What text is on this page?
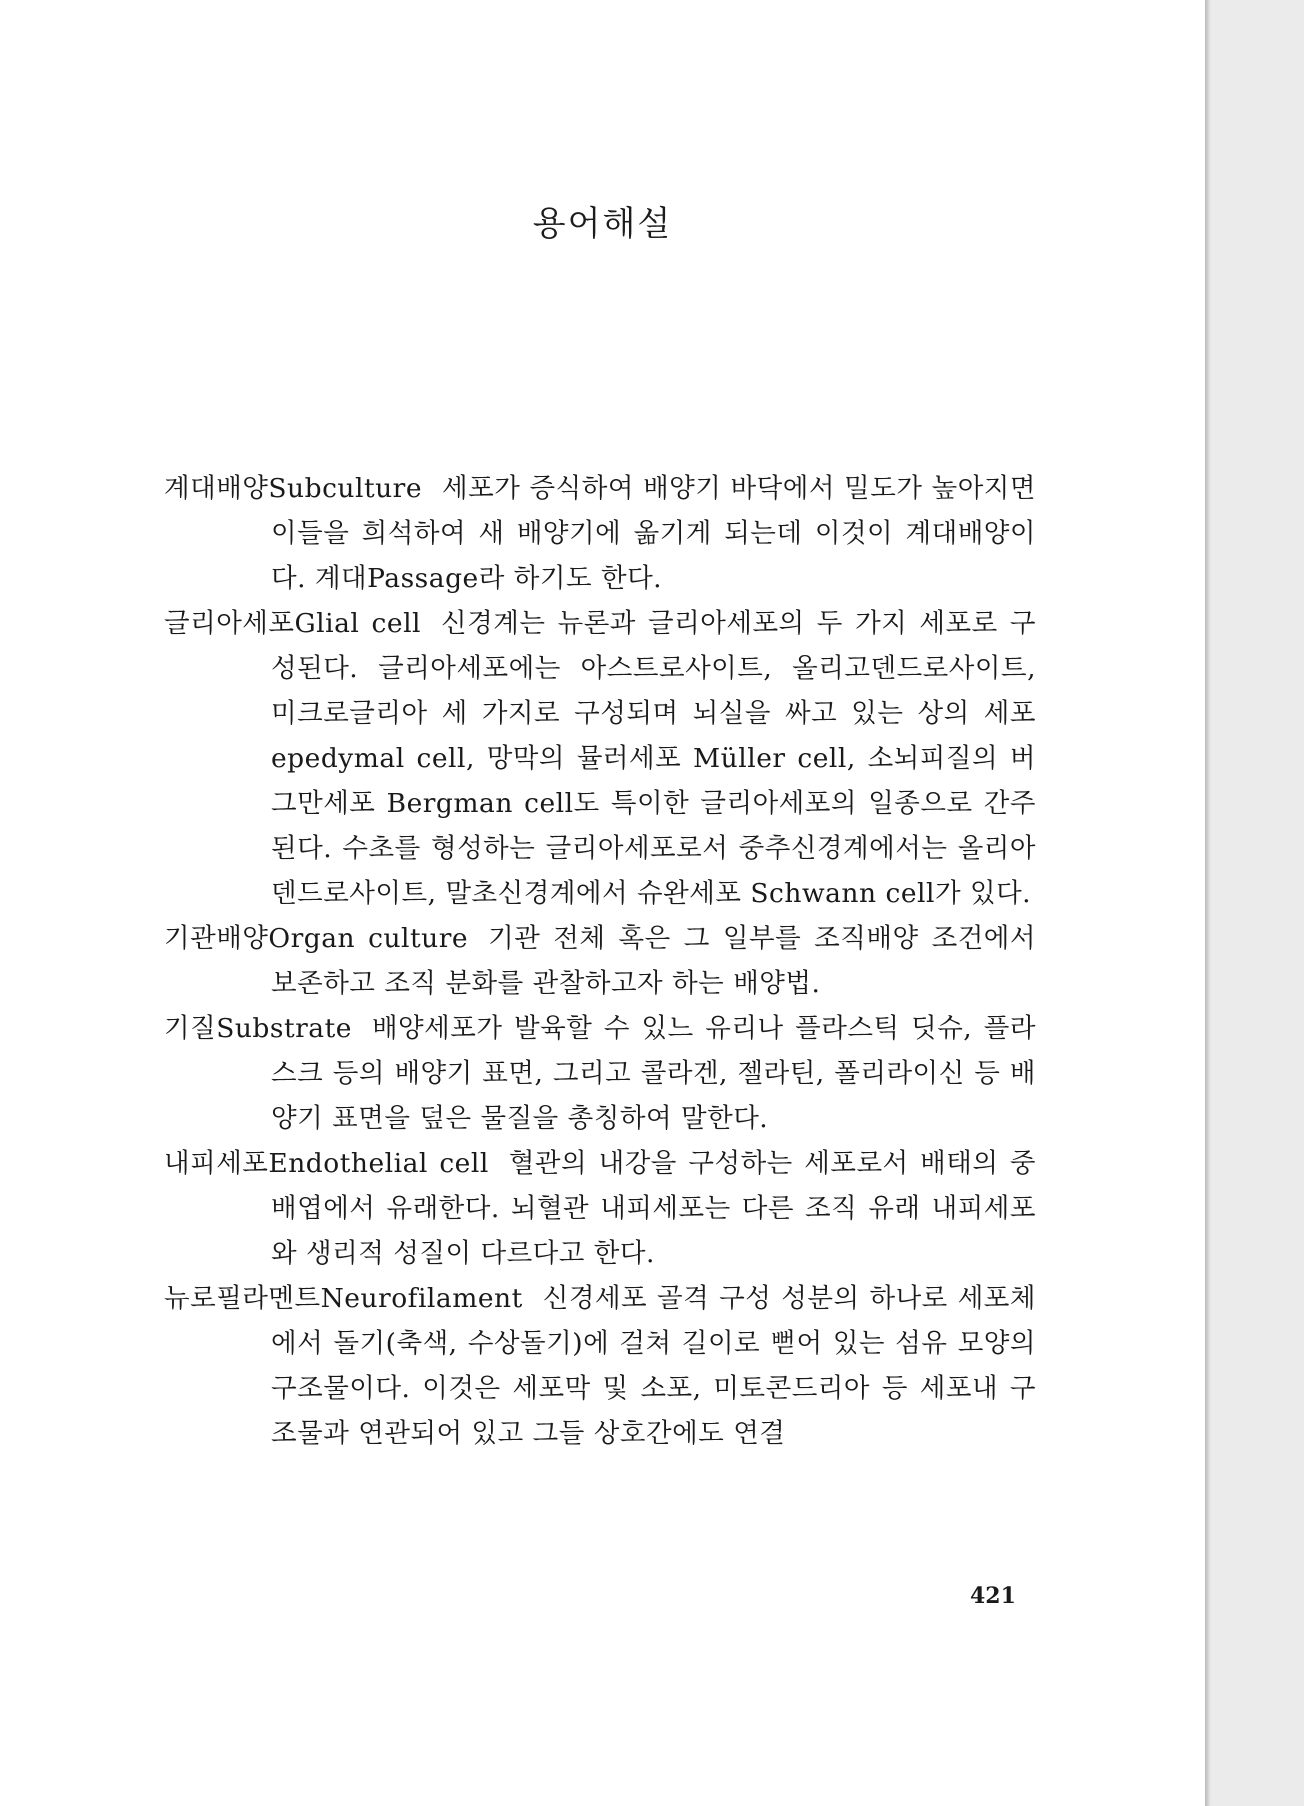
용어해설
계대배양Subculture 세포가 증식하여 배양기 바닥에서 밀도가 높아지면 이들을 희석하여 새 배양기에 옮기게 되는데 이것이 계대배양이다. 계대Passage라 하기도 한다.
글리아세포Glial cell 신경계는 뉴론과 글리아세포의 두 가지 세포로 구성된다. 글리아세포에는 아스트로사이트, 올리고덴드로사이트, 미크로글리아 세 가지로 구성되며 뇌실을 싸고 있는 상의 세포 epedymal cell, 망막의 뮬러세포 Müller cell, 소뇌피질의 버그만세포 Bergman cell도 특이한 글리아세포의 일종으로 간주된다. 수초를 형성하는 글리아세포로서 중추신경계에서는 올리아덴드로사이트, 말초신경계에서 슈완세포 Schwann cell가 있다.
기관배양Organ culture 기관 전체 혹은 그 일부를 조직배양 조건에서 보존하고 조직 분화를 관찰하고자 하는 배양법.
기질Substrate 배양세포가 발육할 수 있느 유리나 플라스틱 딧슈, 플라스크 등의 배양기 표면, 그리고 콜라겐, 젤라틴, 폴리라이신 등 배양기 표면을 덮은 물질을 총칭하여 말한다.
내피세포Endothelial cell 혈관의 내강을 구성하는 세포로서 배태의 중배엽에서 유래한다. 뇌혈관 내피세포는 다른 조직 유래 내피세포와 생리적 성질이 다르다고 한다.
뉴로필라멘트Neurofilament 신경세포 골격 구성 성분의 하나로 세포체에서 돌기(축색, 수상돌기)에 걸쳐 길이로 뻗어 있는 섬유 모양의 구조물이다. 이것은 세포막 및 소포, 미토콘드리아 등 세포내 구조물과 연관되어 있고 그들 상호간에도 연결
421
